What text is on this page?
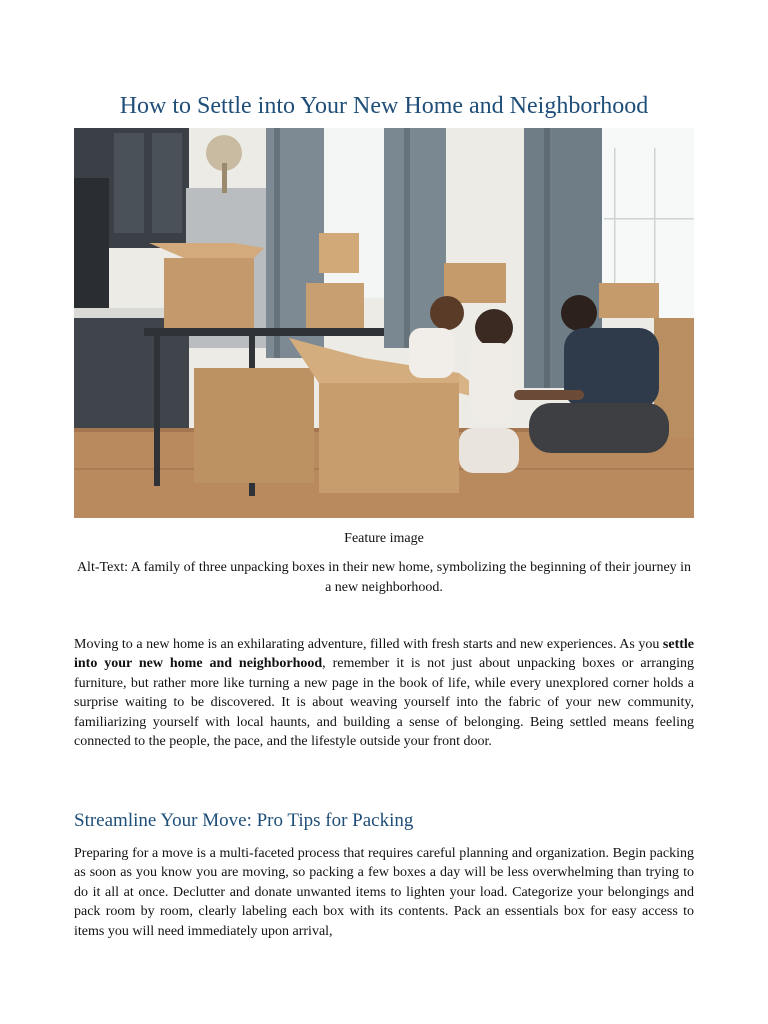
How to Settle into Your New Home and Neighborhood

Feature image

Alt-Text: A family of three unpacking boxes in their new home, symbolizing the beginning of their journey in a new neighborhood.

Moving to a new home is an exhilarating adventure, filled with fresh starts and new experiences. As you settle into your new home and neighborhood, remember it is not just about unpacking boxes or arranging furniture, but rather more like turning a new page in the book of life, while every unexplored corner holds a surprise waiting to be discovered. It is about weaving yourself into the fabric of your new community, familiarizing yourself with local haunts, and building a sense of belonging. Being settled means feeling connected to the people, the pace, and the lifestyle outside your front door.

Streamline Your Move: Pro Tips for Packing

Preparing for a move is a multi-faceted process that requires careful planning and organization. Begin packing as soon as you know you are moving, so packing a few boxes a day will be less overwhelming than trying to do it all at once. Declutter and donate unwanted items to lighten your load. Categorize your belongings and pack room by room, clearly labeling each box with its contents. Pack an essentials box for easy access to items you will need immediately upon arrival,
